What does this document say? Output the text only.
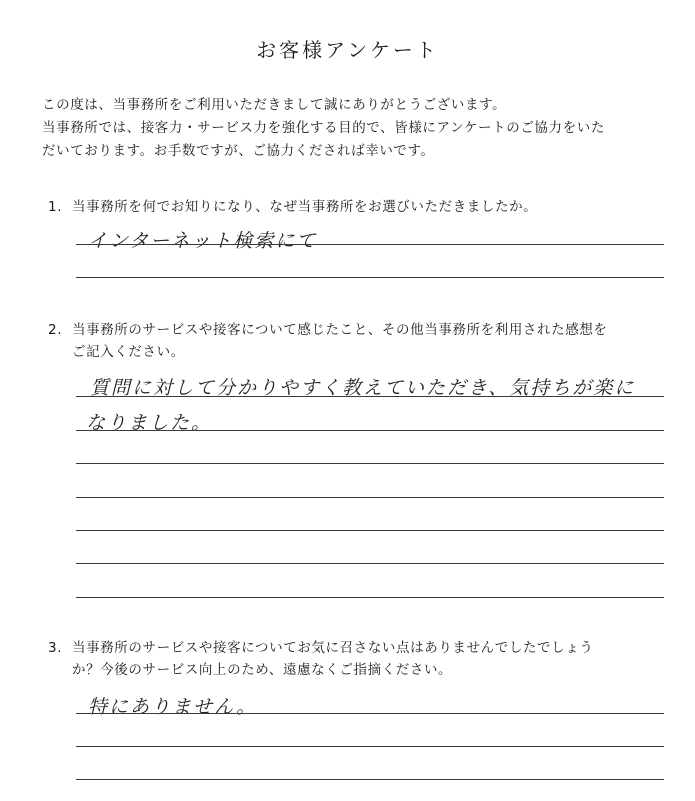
お客様アンケート
この度は、当事務所をご利用いただきまして誠にありがとうございます。
当事務所では、接客力・サービス力を強化する目的で、皆様にアンケートのご協力をいた
だいております。お手数ですが、ご協力くだされば幸いです。
1. 当事務所を何でお知りになり、なぜ当事務所をお選びいただきましたか。
インターネット検索にて
2. 当事務所のサービスや接客について感じたこと、その他当事務所を利用された感想を
ご記入ください。
質問に対して分かりやすく教えていただき、気持ちが楽に
なりました。
3. 当事務所のサービスや接客についてお気に召さない点はありませんでしたでしょう
か？今後のサービス向上のため、遠慮なくご指摘ください。
特にありません。
